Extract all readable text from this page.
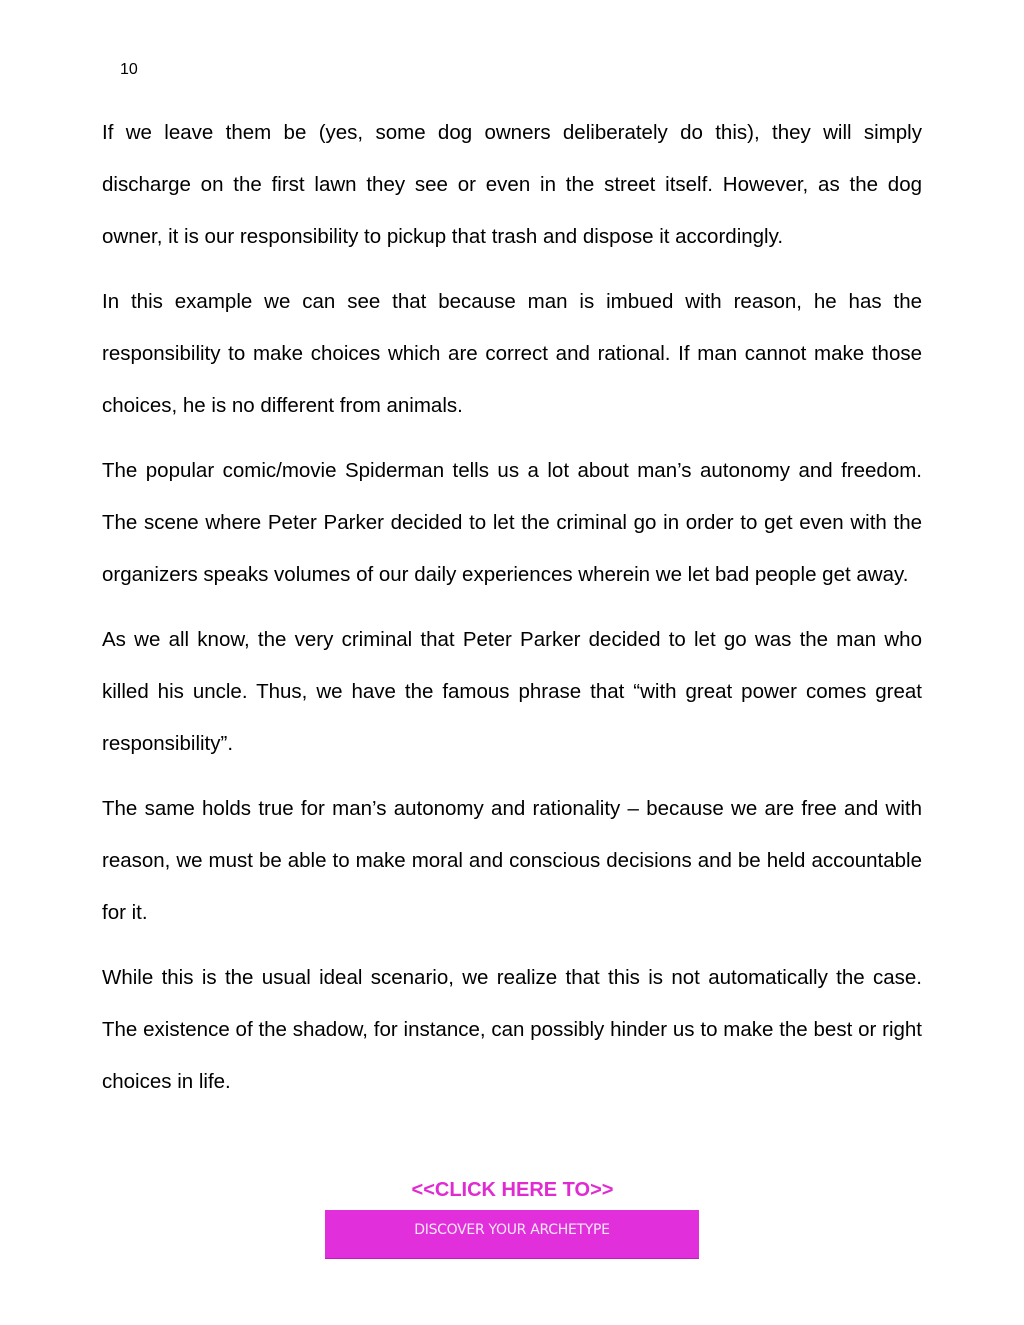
10

If we leave them be (yes, some dog owners deliberately do this), they will simply discharge on the first lawn they see or even in the street itself. However, as the dog owner, it is our responsibility to pickup that trash and dispose it accordingly.

In this example we can see that because man is imbued with reason, he has the responsibility to make choices which are correct and rational. If man cannot make those choices, he is no different from animals.

The popular comic/movie Spiderman tells us a lot about man’s autonomy and freedom. The scene where Peter Parker decided to let the criminal go in order to get even with the organizers speaks volumes of our daily experiences wherein we let bad people get away.

As we all know, the very criminal that Peter Parker decided to let go was the man who killed his uncle. Thus, we have the famous phrase that “with great power comes great responsibility”.

The same holds true for man’s autonomy and rationality – because we are free and with reason, we must be able to make moral and conscious decisions and be held accountable for it.

While this is the usual ideal scenario, we realize that this is not automatically the case. The existence of the shadow, for instance, can possibly hinder us to make the best or right choices in life.

<<CLICK HERE TO>>
DISCOVER YOUR ARCHETYPE
